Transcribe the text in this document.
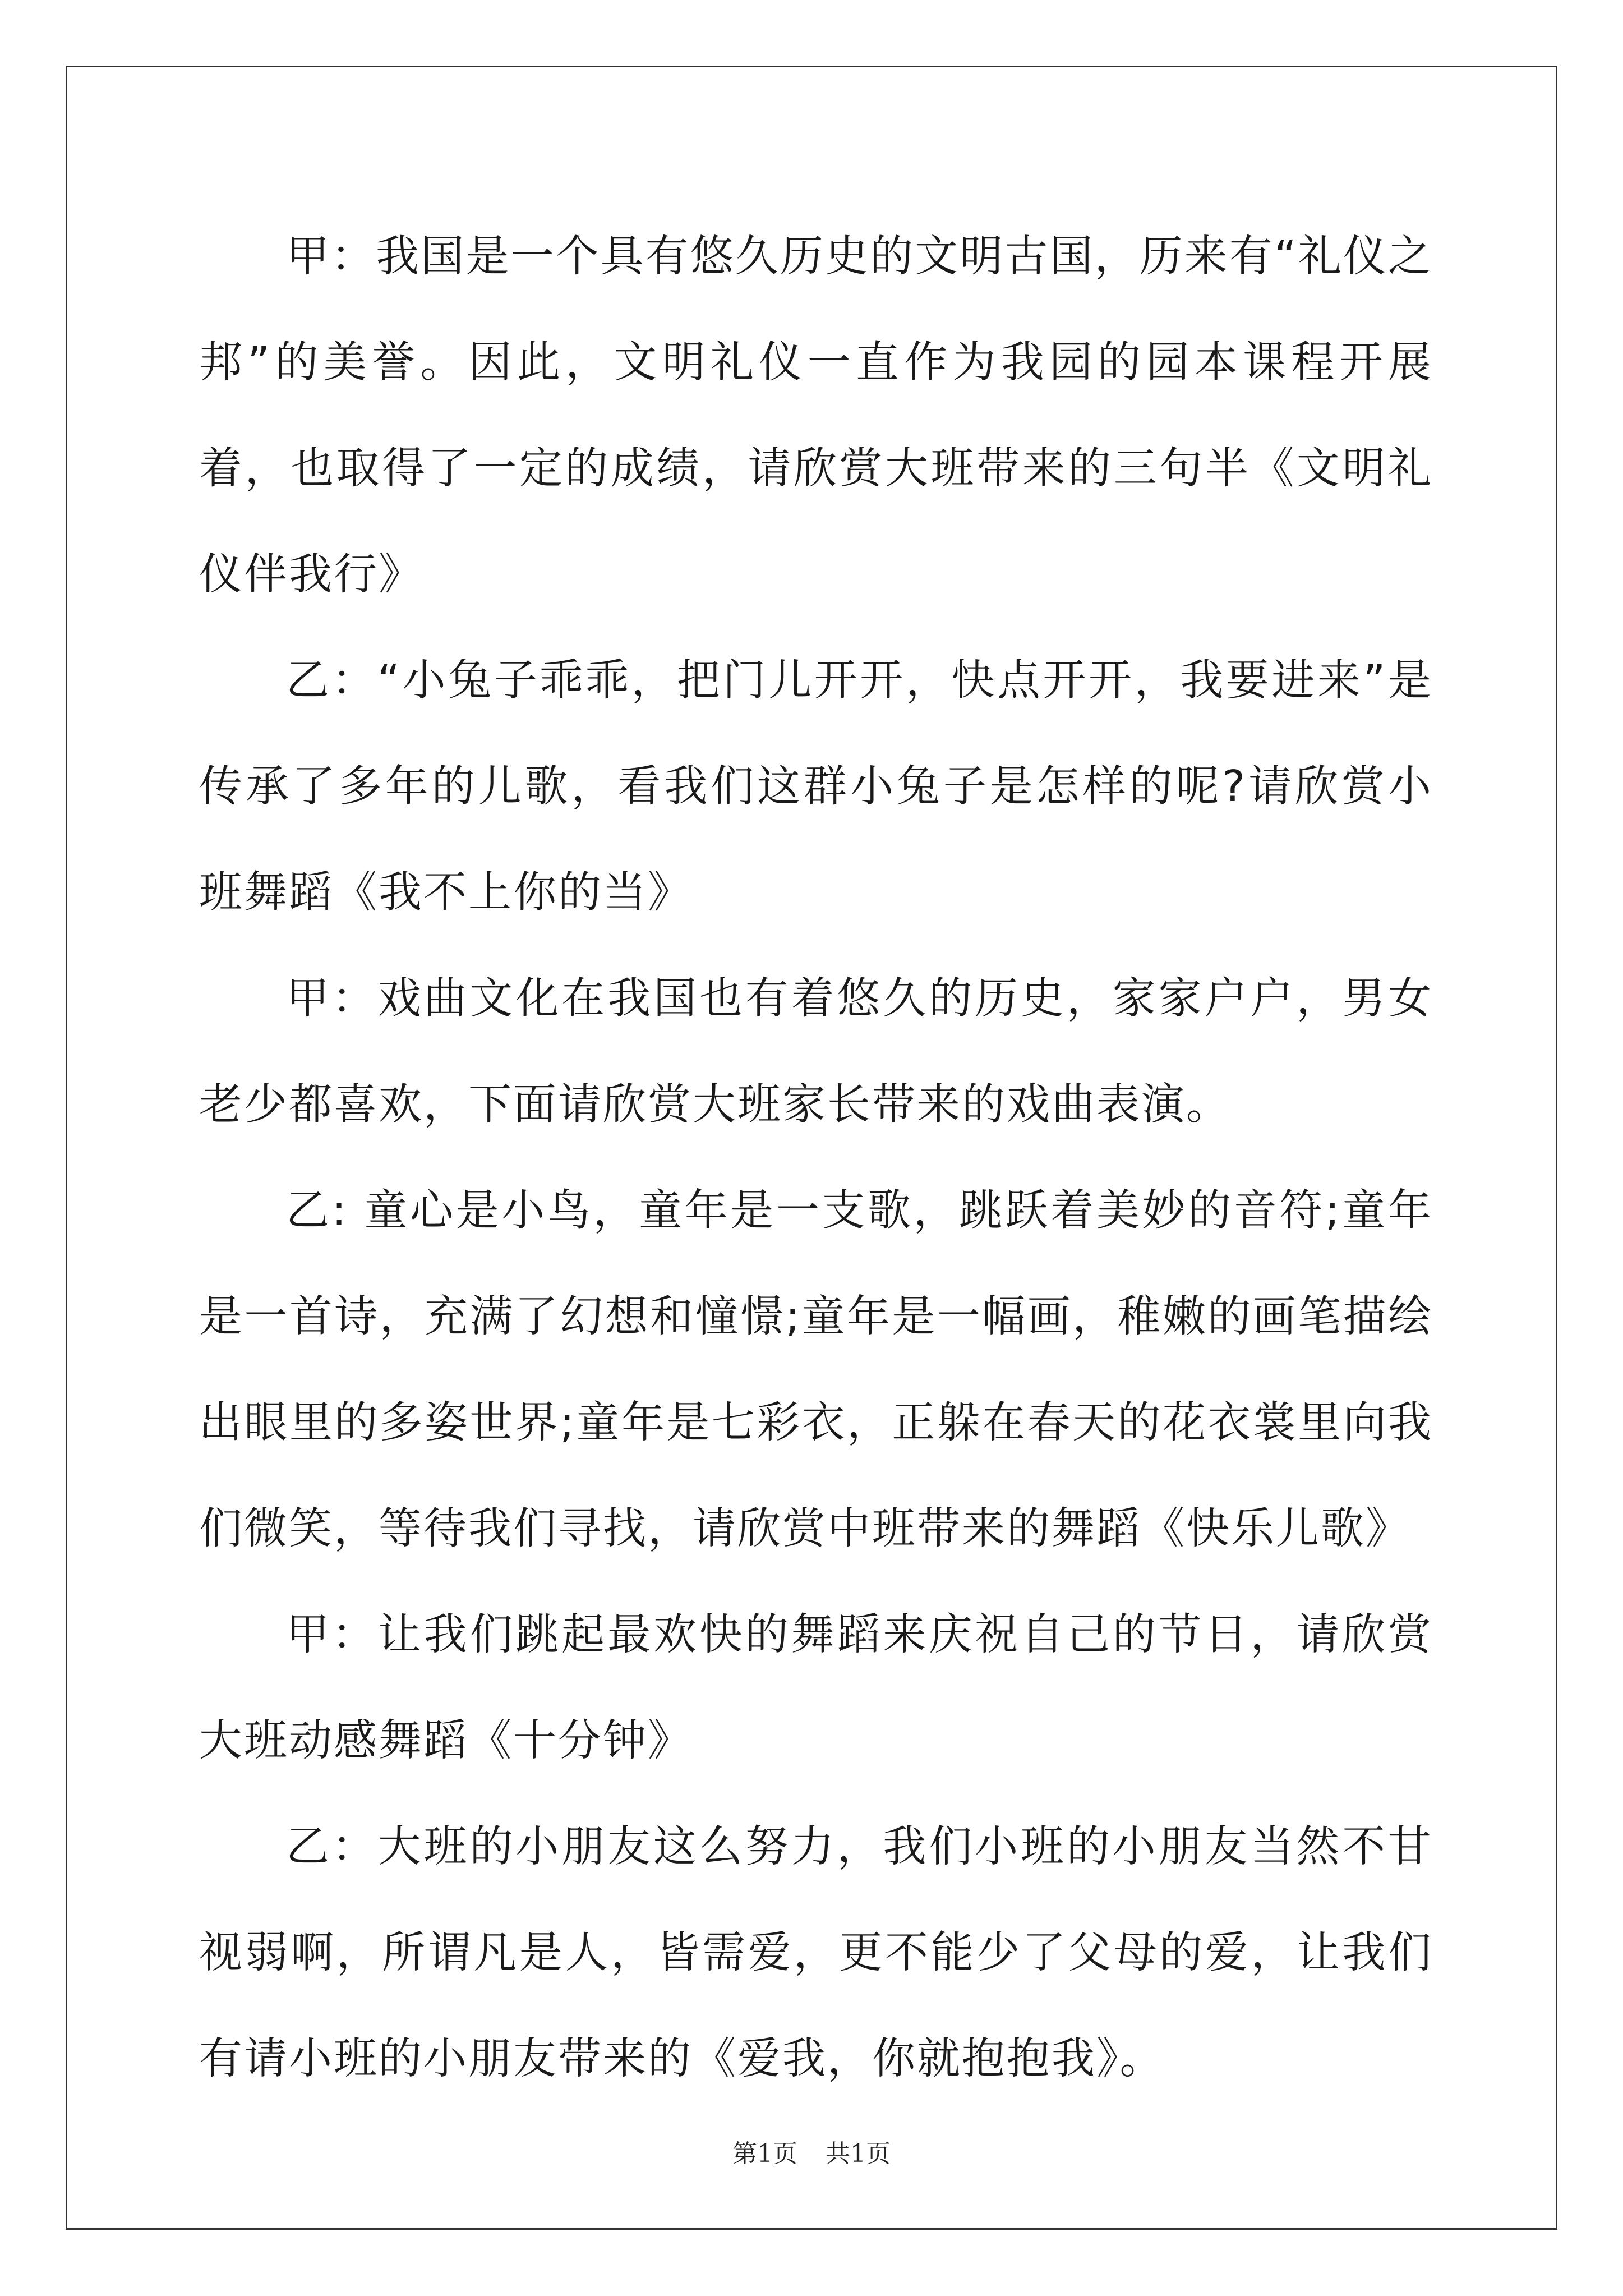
甲：我国是一个具有悠久历史的文明古国，历来有“礼仪之邦”的美誉。因此，文明礼仪一直作为我园的园本课程开展着，也取得了一定的成绩，请欣赏大班带来的三句半《文明礼仪伴我行》

乙：“小兔子乖乖，把门儿开开，快点开开，我要进来”是传承了多年的儿歌，看我们这群小兔子是怎样的呢?请欣赏小班舞蹈《我不上你的当》

甲：戏曲文化在我国也有着悠久的历史，家家户户，男女老少都喜欢，下面请欣赏大班家长带来的戏曲表演。

乙: 童心是小鸟，童年是一支歌，跳跃着美妙的音符;童年是一首诗，充满了幻想和憧憬;童年是一幅画，稚嫩的画笔描绘出眼里的多姿世界;童年是七彩衣，正躲在春天的花衣裳里向我们微笑，等待我们寻找，请欣赏中班带来的舞蹈《快乐儿歌》

甲：让我们跳起最欢快的舞蹈来庆祝自己的节日，请欣赏大班动感舞蹈《十分钟》

乙：大班的小朋友这么努力，我们小班的小朋友当然不甘视弱啊，所谓凡是人，皆需爱，更不能少了父母的爱，让我们有请小班的小朋友带来的《爱我，你就抱抱我》。

第1页 共1页
